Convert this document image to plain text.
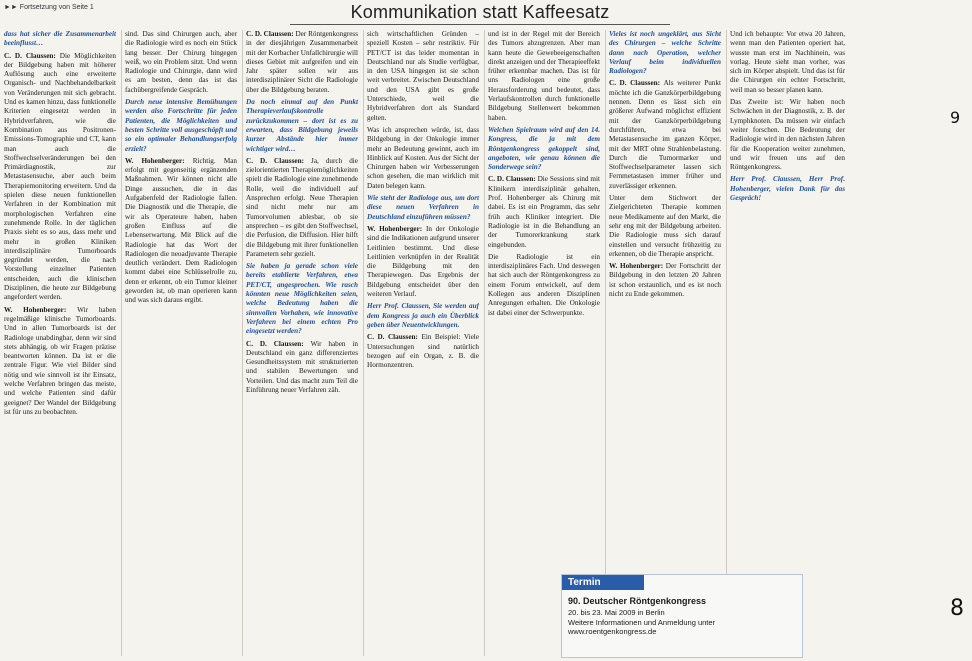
►► Fortsetzung von Seite 1	Kommunikation statt Kaffeesatz

dass hat sicher die Zusammenarbeit beeinflusst…

C. D. Claussen: Die Möglichkeiten der Bildgebung haben mit höherer Auflösung auch eine erweiterte Organisch- und Nachbehandelbarkeit von Veränderungen mit sich gebracht. Und es kamen hinzu, dass funktionelle Kriterien eingesetzt werden in Hybridverfahren, wie die Kombination aus Positronen-Emissions-Tomographie und CT, kann man auch die Stoffwechselveränderungen bei den Primärdiagnostik, zur Metastasensuche, aber auch beim Therapiemonitoring erweitern. Und da spielen diese neuen funktionellen Verfahren in der Kombination mit morphologischen Verfahren eine zunehmende Rolle. In der täglichen Praxis sieht es so aus, dass mehr und mehr in großen Kliniken interdisziplinäre Tumorboards gegründet werden, die nach Vorstellung einzelner Patienten entscheiden, auch die klinischen Disziplinen, die heute zur Bildgebung angefordert werden.

W. Hohenberger: Wir haben regelmäßige klinische Tumorboards. Und in allen Tumorboards ist der Radiologe unabdingbar, denn wir sind stets abhängig, ob wir Fragen präzise beantworten können. Da ist er die zentrale Figur. Wie viel Bilder sind nötig und wie sinnvoll ist ihr Einsatz, welche Verfahren bringen das meiste, und welche Patienten sind dafür geeignet? Der Wandel der Bildgebung ist für uns zu beobachten.

sind. Das sind Chirurgen auch, aber die Radiologie wird es noch ein Stück lang besser. Der Chirurg hingegen weiß, wo ein Problem sitzt. Und wenn Radiologie und Chirurgie, dann wird es am besten, denn das ist das fachübergreifende Gespräch.

Durch neue intensive Bemühungen werden also Fortschritte für jeden Patienten, die Möglichkeiten und besten Schritte voll ausgeschöpft und so ein optimaler Behandlungserfolg erzielt?

W. Hohenberger: Richtig. Man erfolgt mit gegenseitig ergänzenden Maßnahmen. Wir können nicht alle Dinge aussuchen, die in das Aufgabenfeld der Radiologie fallen. Die Diagnostik und die Therapie, die wir als Operateure haben, haben großen Einfluss auf die Lebenserwartung. Mit Blick auf die Radiologie hat das Wort der Radiologen die neoadjuvante Therapie deutlich verändert. Dem Radiologen kommt dabei eine Schlüsselrolle zu, denn er erkennt, ob ein Tumor kleiner geworden ist, ob man operieren kann und was sich daraus ergibt.

C. D. Claussen: Der Röntgenkongress in der diesjährigen Zusammenarbeit mit der Korbacher Unfallchirurgie will dieses Gebiet mit aufgreifen und ein Jahr später sollen wir aus interdisziplinärer Sicht die Radiologie über die Bildgebung beraten.

Da noch einmal auf den Punkt Therapieverlaufskontrolle zurückzukommen – dort ist es zu erwarten, dass Bildgebung jeweils kurzer Abstände hier immer wichtiger wird…

C. D. Claussen: Ja, durch die zielorientierten Therapiemöglichkeiten spielt die Radiologie eine zunehmende Rolle, weil die individuell auf Ansprechen erfolgt. Neue Therapien sind nicht mehr nur am Tumorvolumen ablesbar, ob sie ansprechen – es gibt den Stoffwechsel, die Perfusion, die Diffusion. Hier hilft die Bildgebung mit ihrer funktionellen Parametern sehr gezielt.

Sie haben ja gerade schon viele bereits etablierte Verfahren, etwa PET/CT, angesprochen. Wie rasch könnten neue Möglichkeiten seien, welche Bedeutung haben die sinnvollen Vorhaben, wie innovative Verfahren bei einem echten Pro eingesetzt werden?

C. D. Claussen: Wir haben in Deutschland ein ganz differenziertes Gesundheitssystem mit strukturierten und stabilen Bewertungen und Vorteilen. Und das macht zum Teil die Einführung neuer Verfahren zäh.

sich wirtschaftlichen Gründen – speziell Kosten – sehr restriktiv. Für PET/CT ist das leider momentan in Deutschland nur als Studie verfügbar, in den USA hingegen ist sie schon weit verbreitet. Zwischen Deutschland und den USA gibt es große Unterschiede, weil die Hybridverfahren dort als Standard gelten.

Was ich ansprechen würde, ist, dass Bildgebung in der Onkologie immer mehr an Bedeutung gewinnt, auch im Hinblick auf Kosten. Aus der Sicht der Chirurgen haben wir Verbesserungen schon gesehen, die man wirklich mit Daten belegen kann.

Wie steht der Radiologe aus, um dort diese neuen Verfahren in Deutschland einzuführen müssen?

W. Hohenberger: In der Onkologie sind die Indikationen aufgrund unserer Leitlinien bestimmt. Und diese Leitlinien verknüpfen in der Realität die Bildgebung mit den Therapiewegen. Das Ergebnis der Bildgebung entscheidet über den weiteren Verlauf.

Herr Prof. Claussen, Sie werden auf dem Kongress ja auch ein Überblick geben über Neuentwicklungen.

C. D. Claussen: Ein Beispiel: Viele Untersuchungen sind natürlich bezogen auf ein Organ, z. B. die Hormonzentren.

und ist in der Regel mit der Bereich des Tumors abzugrenzen. Aber man kann heute die Gewebeeigenschaften direkt anzeigen und der Therapieeffekt früher erkennbar machen. Das ist für uns Radiologen eine große Herausforderung und bedeutet, dass Verlaufskontrollen durch funktionelle Bildgebung Stellenwert bekommen haben.

Welchen Spielraum wird auf den 14. Kongress, die ja mit dem Röntgenkongress gekoppelt sind, angeboten, wie genau können die Sonderwege sein?

C. D. Claussen: Die Sessions sind mit Klinikern interdisziplinär gehalten, Prof. Hohenberger als Chirurg mit dabei. Es ist ein Programm, das sehr früh auch Kliniker integriert. Die Radiologie ist in die Behandlung an der Tumorerkrankung stark eingebunden.

Die Radiologie ist ein interdisziplinäres Fach. Und deswegen hat sich auch der Röntgenkongress zu einem Forum entwickelt, auf dem Kollegen aus anderen Disziplinen Anregungen erhalten. Die Onkologie ist dabei einer der Schwerpunkte.

Vieles ist noch ungeklärt, aus Sicht des Chirurgen – welche Schritte dann nach Operation, welcher Verlauf beim individuellen Radiologen?

C. D. Claussen: Als weiterer Punkt möchte ich die Ganzkörperbildgebung nennen. Denn es lässt sich ein größerer Aufwand möglichst effizient mit der Ganzkörperbildgebung durchführen, etwa bei Metastasensuche im ganzen Körper, mit der MRT ohne Strahlenbelastung. Durch die Tumormarker und Stoffwechselparameter lassen sich Fernmetastasen immer früher und zuverlässiger erkennen.

Unter dem Stichwort der Zielgerichteten Therapie kommen neue Medikamente auf den Markt, die sehr eng mit der Bildgebung arbeiten. Die Radiologie muss sich darauf einstellen und versucht frühzeitig zu erkennen, ob die Therapie anspricht.

W. Hohenberger: Der Fortschritt der Bildgebung in den letzten 20 Jahren ist schon erstaunlich, und es ist noch nicht zu Ende gekommen.

Und ich behaupte: Vor etwa 20 Jahren, wenn man den Patienten operiert hat, wusste man erst im Nachhinein, was vorlag. Heute sieht man vorher, was sich im Körper abspielt. Und das ist für die Chirurgen ein echter Fortschritt, weil man so besser planen kann.

Das Zweite ist: Wir haben noch Schwächen in der Diagnostik, z. B. der Lymphknoten. Da müssen wir einfach weiter forschen. Die Bedeutung der Radiologie wird in den nächsten Jahren für die Kooperation weiter zunehmen, und wir freuen uns auf den Röntgenkongress.

Herr Prof. Claussen, Herr Prof. Hohenberger, vielen Dank für das Gespräch!

Termin
90. Deutscher Röntgenkongress
20. bis 23. Mai 2009 in Berlin
Weitere Informationen und Anmeldung unter www.roentgenkongress.de
9
8
